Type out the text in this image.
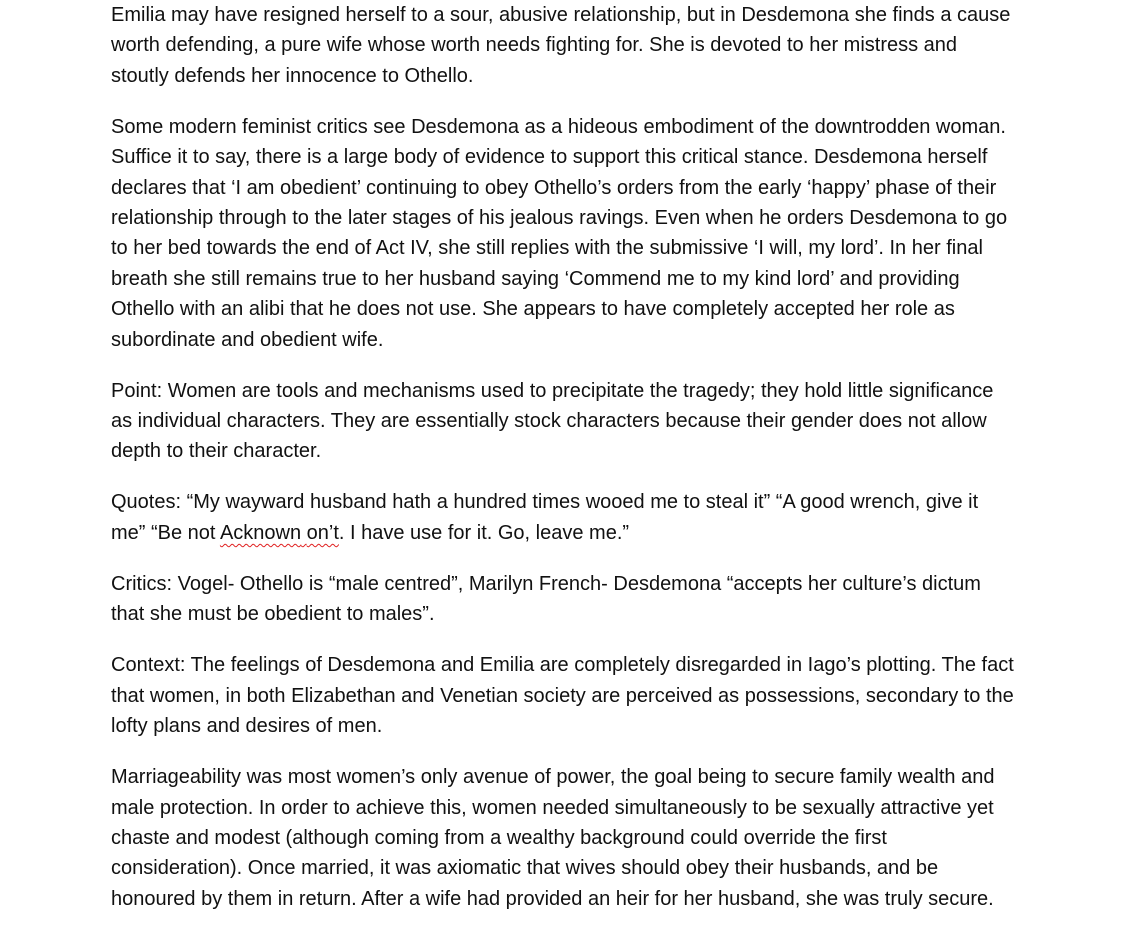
Emilia may have resigned herself to a sour, abusive relationship, but in Desdemona she finds a cause worth defending, a pure wife whose worth needs fighting for. She is devoted to her mistress and stoutly defends her innocence to Othello.

Some modern feminist critics see Desdemona as a hideous embodiment of the downtrodden woman. Suffice it to say, there is a large body of evidence to support this critical stance. Desdemona herself declares that ‘I am obedient’ continuing to obey Othello’s orders from the early ‘happy’ phase of their relationship through to the later stages of his jealous ravings. Even when he orders Desdemona to go to her bed towards the end of Act IV, she still replies with the submissive ‘I will, my lord’. In her final breath she still remains true to her husband saying ‘Commend me to my kind lord’ and providing Othello with an alibi that he does not use. She appears to have completely accepted her role as subordinate and obedient wife.

Point: Women are tools and mechanisms used to precipitate the tragedy; they hold little significance as individual characters. They are essentially stock characters because their gender does not allow depth to their character.

Quotes: “My wayward husband hath a hundred times wooed me to steal it” “A good wrench, give it me” “Be not Acknown on’t. I have use for it. Go, leave me.”

Critics: Vogel- Othello is “male centred”, Marilyn French- Desdemona “accepts her culture’s dictum that she must be obedient to males”.

Context: The feelings of Desdemona and Emilia are completely disregarded in Iago’s plotting. The fact that women, in both Elizabethan and Venetian society are perceived as possessions, secondary to the lofty plans and desires of men.

Marriageability was most women’s only avenue of power, the goal being to secure family wealth and male protection. In order to achieve this, women needed simultaneously to be sexually attractive yet chaste and modest (although coming from a wealthy background could override the first consideration). Once married, it was axiomatic that wives should obey their husbands, and be honoured by them in return. After a wife had provided an heir for her husband, she was truly secure.
